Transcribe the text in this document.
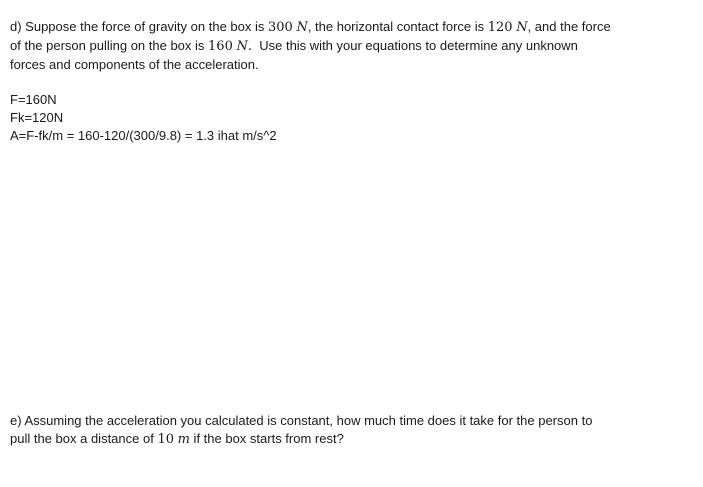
d) Suppose the force of gravity on the box is 300 N, the horizontal contact force is 120 N, and the force
of the person pulling on the box is 160 N.  Use this with your equations to determine any unknown
forces and components of the acceleration.
F=160N
Fk=120N
A=F-fk/m = 160-120/(300/9.8) = 1.3 ihat m/s^2
e) Assuming the acceleration you calculated is constant, how much time does it take for the person to
pull the box a distance of 10 m if the box starts from rest?
